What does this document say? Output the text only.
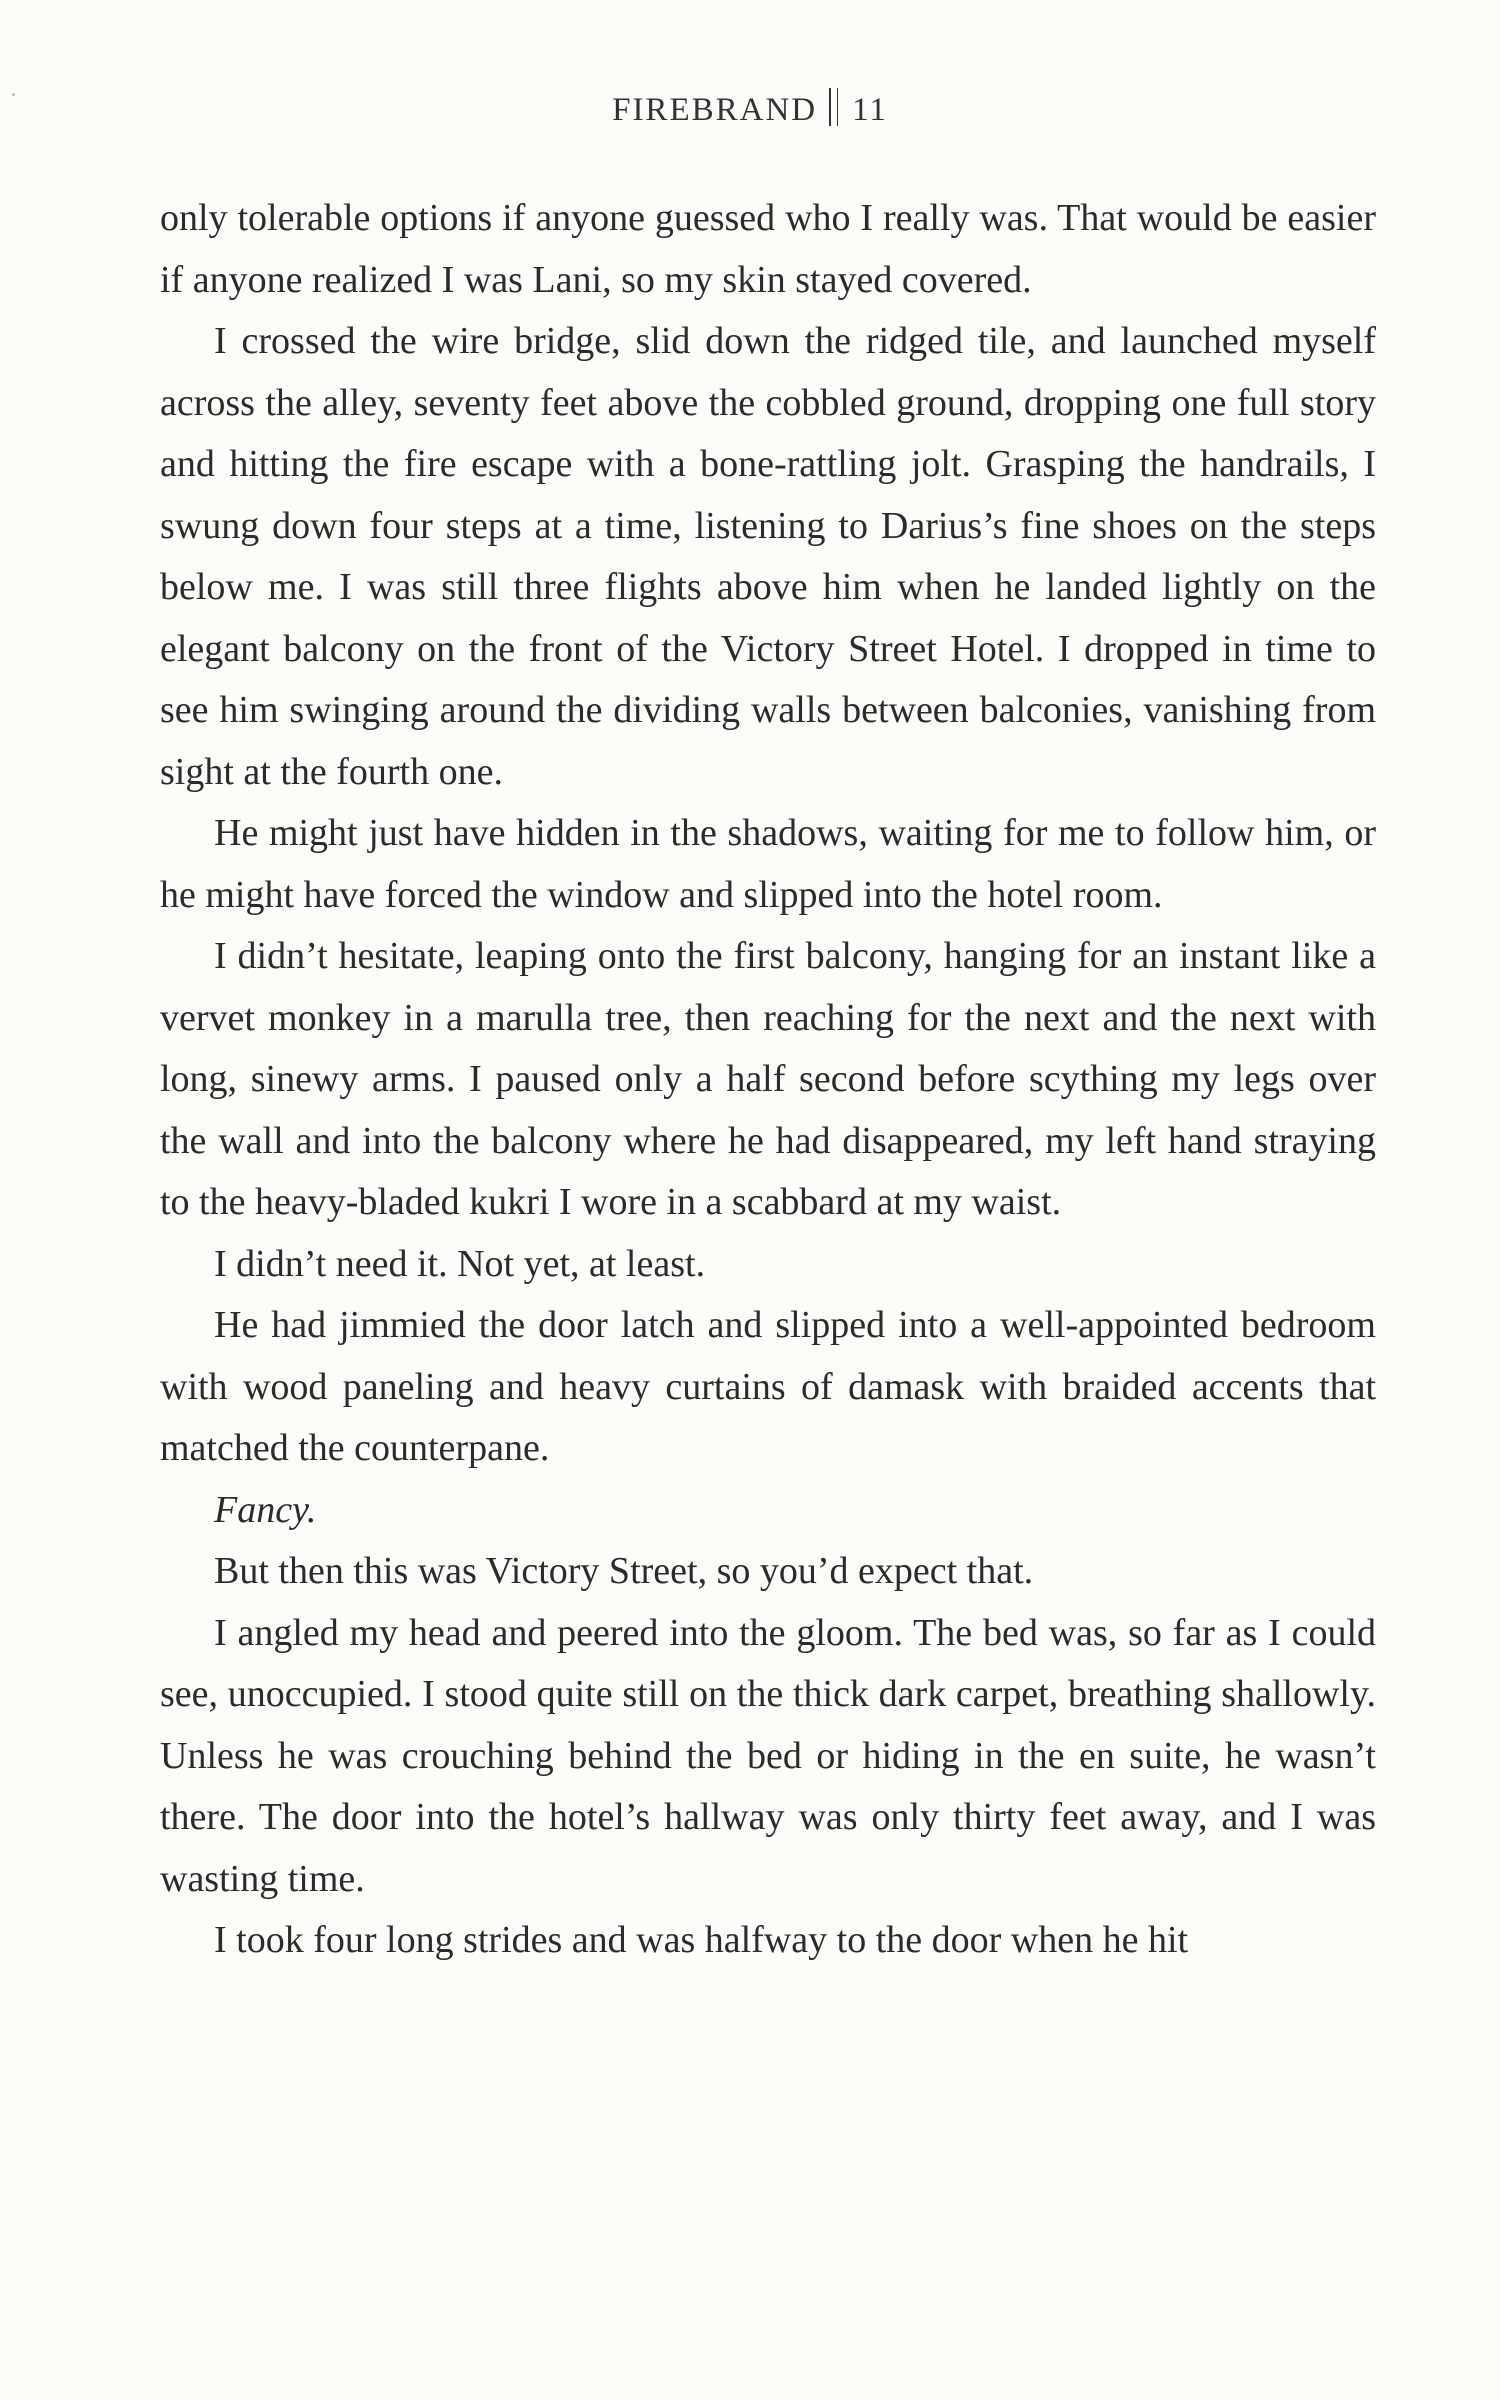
FIREBRAND 11

only tolerable options if anyone guessed who I really was. That would be easier if anyone realized I was Lani, so my skin stayed covered.

I crossed the wire bridge, slid down the ridged tile, and launched myself across the alley, seventy feet above the cobbled ground, dropping one full story and hitting the fire escape with a bone-rattling jolt. Grasping the handrails, I swung down four steps at a time, listening to Darius’s fine shoes on the steps below me. I was still three flights above him when he landed lightly on the elegant balcony on the front of the Victory Street Hotel. I dropped in time to see him swinging around the dividing walls between balconies, vanishing from sight at the fourth one.

He might just have hidden in the shadows, waiting for me to follow him, or he might have forced the window and slipped into the hotel room.

I didn’t hesitate, leaping onto the first balcony, hanging for an instant like a vervet monkey in a marulla tree, then reaching for the next and the next with long, sinewy arms. I paused only a half second before scything my legs over the wall and into the balcony where he had disappeared, my left hand straying to the heavy-bladed kukri I wore in a scabbard at my waist.

I didn’t need it. Not yet, at least.

He had jimmied the door latch and slipped into a well-appointed bedroom with wood paneling and heavy curtains of damask with braided accents that matched the counterpane.

Fancy.

But then this was Victory Street, so you’d expect that.

I angled my head and peered into the gloom. The bed was, so far as I could see, unoccupied. I stood quite still on the thick dark carpet, breathing shallowly. Unless he was crouching behind the bed or hiding in the en suite, he wasn’t there. The door into the hotel’s hallway was only thirty feet away, and I was wasting time.

I took four long strides and was halfway to the door when he hit
